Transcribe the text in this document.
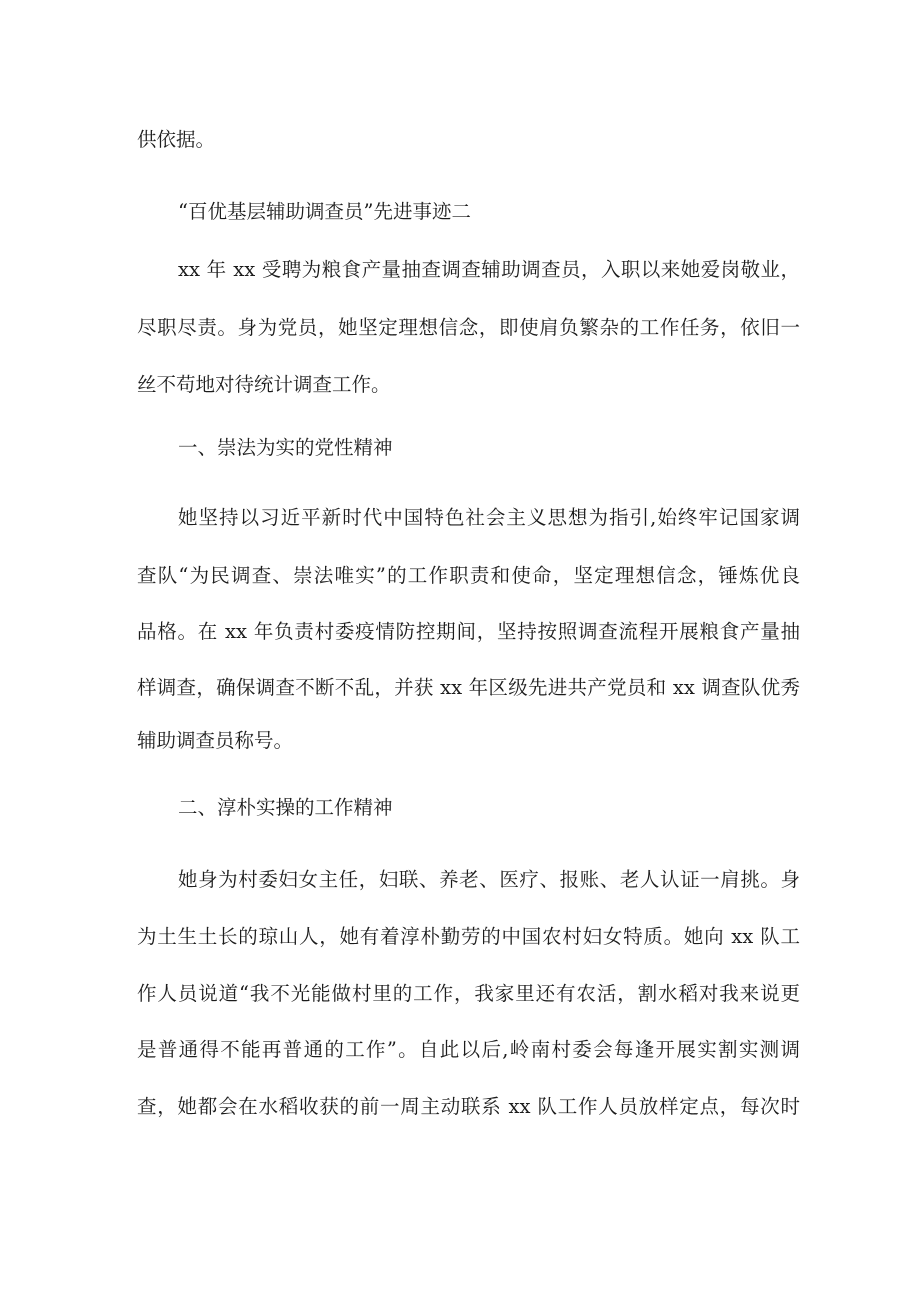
供依据。
“百优基层辅助调查员”先进事迹二
xx 年 xx 受聘为粮食产量抽查调查辅助调查员，入职以来她爱岗敬业，
尽职尽责。身为党员，她坚定理想信念，即使肩负繁杂的工作任务，依旧一
丝不苟地对待统计调查工作。
一、崇法为实的党性精神
她坚持以习近平新时代中国特色社会主义思想为指引,始终牢记国家调
查队“为民调查、崇法唯实”的工作职责和使命，坚定理想信念，锤炼优良
品格。在 xx 年负责村委疫情防控期间，坚持按照调查流程开展粮食产量抽
样调查，确保调查不断不乱，并获 xx 年区级先进共产党员和 xx 调查队优秀
辅助调查员称号。
二、淳朴实操的工作精神
她身为村委妇女主任，妇联、养老、医疗、报账、老人认证一肩挑。身
为土生土长的琼山人，她有着淳朴勤劳的中国农村妇女特质。她向 xx 队工
作人员说道“我不光能做村里的工作，我家里还有农活，割水稻对我来说更
是普通得不能再普通的工作”。自此以后,岭南村委会每逢开展实割实测调
查，她都会在水稻收获的前一周主动联系 xx 队工作人员放样定点，每次时
